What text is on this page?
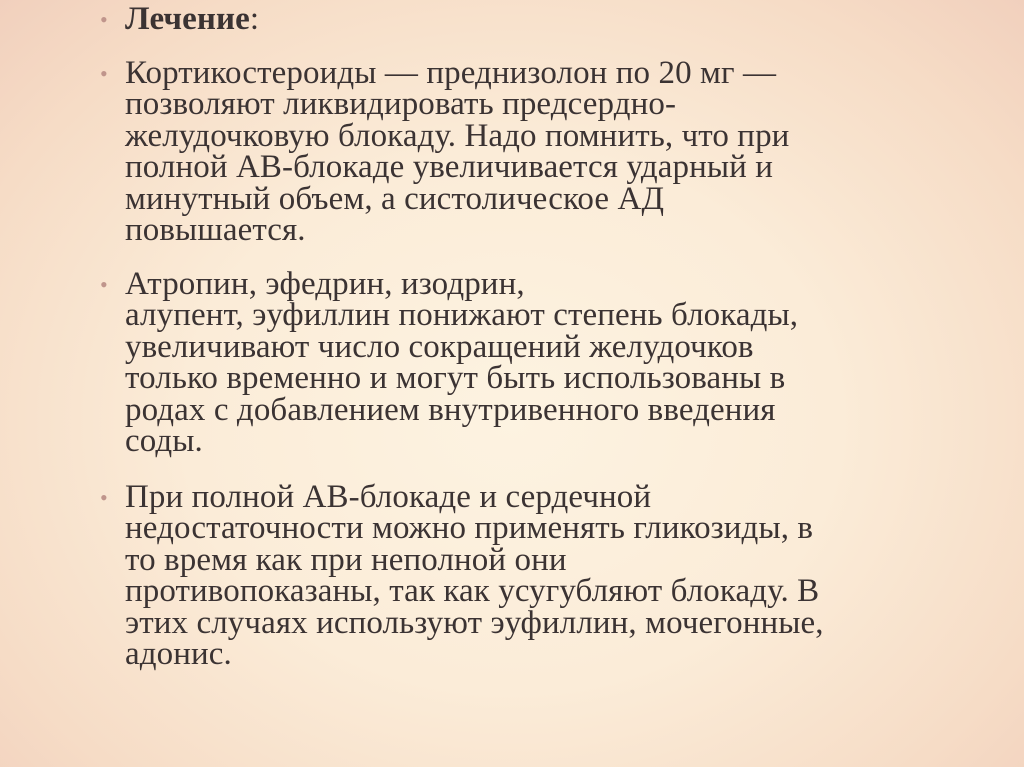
• Лечение:
• Кортикостероиды — преднизолон по 20 мг —
позволяют ликвидировать предсердно-
желудочковую блокаду. Надо помнить, что при
полной АВ-блокаде увеличивается ударный и
минутный объем, а систолическое АД
повышается.
• Атропин, эфедрин, изодрин,
алупент, эуфиллин понижают степень блокады,
увеличивают число сокращений желудочков
только временно и могут быть использованы в
родах с добавлением внутривенного введения
соды.
• При полной АВ-блокаде и сердечной
недостаточности можно применять гликозиды, в
то время как при неполной они
противопоказаны, так как усугубляют блокаду. В
этих случаях используют эуфиллин, мочегонные,
адонис.
